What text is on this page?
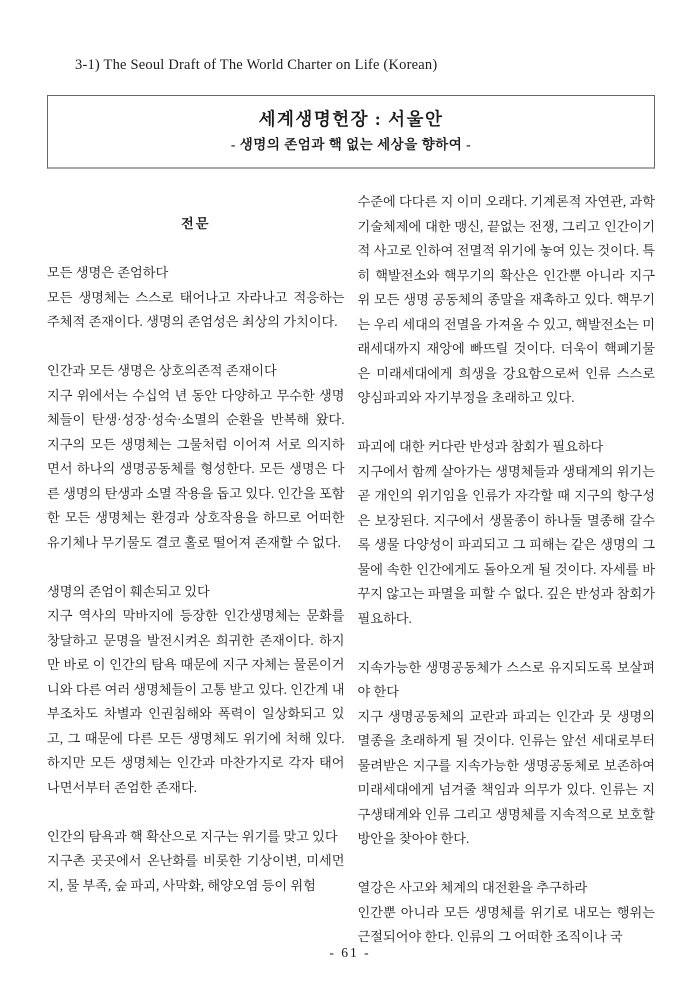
3-1) The Seoul Draft of The World Charter on Life (Korean)
세계생명헌장 : 서울안
- 생명의 존엄과 핵 없는 세상을 향하여 -
전문
모든 생명은 존엄하다
모든 생명체는 스스로 태어나고 자라나고 적응하는 주체적 존재이다. 생명의 존엄성은 최상의 가치이다.
인간과 모든 생명은 상호의존적 존재이다
지구 위에서는 수십억 년 동안 다양하고 무수한 생명체들이 탄생·성장·성숙·소멸의 순환을 반복해 왔다. 지구의 모든 생명체는 그물처럼 이어져 서로 의지하면서 하나의 생명공동체를 형성한다. 모든 생명은 다른 생명의 탄생과 소멸 작용을 돕고 있다. 인간을 포함한 모든 생명체는 환경과 상호작용을 하므로 어떠한 유기체나 무기물도 결코 홀로 떨어져 존재할 수 없다.
생명의 존엄이 훼손되고 있다
지구 역사의 막바지에 등장한 인간생명체는 문화를 창달하고 문명을 발전시켜온 희귀한 존재이다. 하지만 바로 이 인간의 탐욕 때문에 지구 자체는 물론이거니와 다른 여러 생명체들이 고통 받고 있다. 인간계 내부조차도 차별과 인권침해와 폭력이 일상화되고 있고, 그 때문에 다른 모든 생명체도 위기에 처해 있다. 하지만 모든 생명체는 인간과 마찬가지로 각자 태어나면서부터 존엄한 존재다.
인간의 탐욕과 핵 확산으로 지구는 위기를 맞고 있다
지구촌 곳곳에서 온난화를 비롯한 기상이변, 미세먼지, 물 부족, 숲 파괴, 사막화, 해양오염 등이 위험
수준에 다다른 지 이미 오래다. 기계론적 자연관, 과학기술체제에 대한 맹신, 끝없는 전쟁, 그리고 인간이기적 사고로 인하여 전멸적 위기에 놓여 있는 것이다. 특히 핵발전소와 핵무기의 확산은 인간뿐 아니라 지구 위 모든 생명 공동체의 종말을 재촉하고 있다. 핵무기는 우리 세대의 전멸을 가져올 수 있고, 핵발전소는 미래세대까지 재앙에 빠뜨릴 것이다. 더욱이 핵폐기물은 미래세대에게 희생을 강요함으로써 인류 스스로 양심파괴와 자기부정을 초래하고 있다.
파괴에 대한 커다란 반성과 참회가 필요하다
지구에서 함께 살아가는 생명체들과 생태계의 위기는 곧 개인의 위기임을 인류가 자각할 때 지구의 항구성은 보장된다. 지구에서 생물종이 하나둘 멸종해 갈수록 생물 다양성이 파괴되고 그 피해는 같은 생명의 그물에 속한 인간에게도 돌아오게 될 것이다. 자세를 바꾸지 않고는 파멸을 피할 수 없다. 깊은 반성과 참회가 필요하다.
지속가능한 생명공동체가 스스로 유지되도록 보살펴야 한다
지구 생명공동체의 교란과 파괴는 인간과 뭇 생명의 멸종을 초래하게 될 것이다. 인류는 앞선 세대로부터 물려받은 지구를 지속가능한 생명공동체로 보존하여 미래세대에게 넘겨줄 책임과 의무가 있다. 인류는 지구생태계와 인류 그리고 생명체를 지속적으로 보호할 방안을 찾아야 한다.
열강은 사고와 체계의 대전환을 추구하라
인간뿐 아니라 모든 생명체를 위기로 내모는 행위는 근절되어야 한다. 인류의 그 어떠한 조직이나 국
- 61 -
